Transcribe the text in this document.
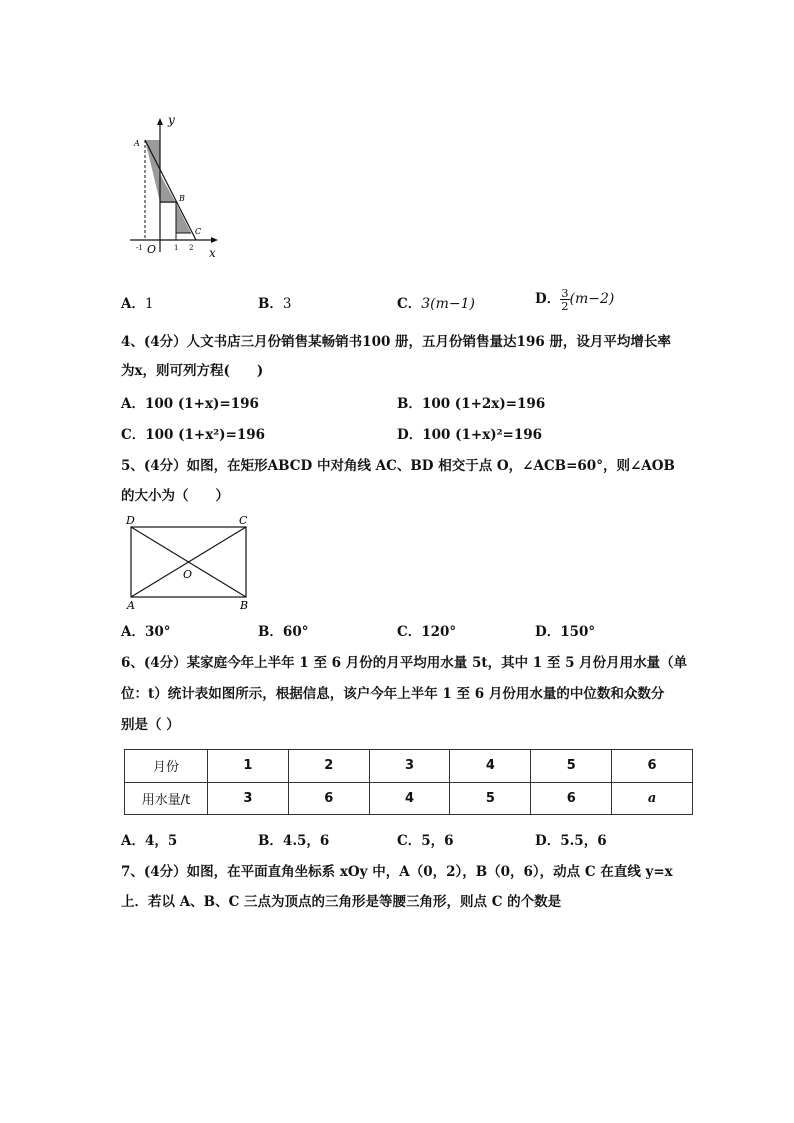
y
x
A
B
C
O
-1	1 2
A．1	B．3	C．3(m−1)	D． $\frac{3}{2} (m-2)$
4、(4分）人文书店三月份销售某畅销书100 册，五月份销售量达196 册，设月平均增长率
为x，则可列方程(　　)
A．100 (1+x)=196	B．100 (1+2x)=196
C．100 (1+x²)=196	D．100 (1+x)²=196
5、(4分）如图，在矩形ABCD 中对角线 AC、BD 相交于点 O，∠ACB=60°，则∠AOB
的大小为（　　）
D	C
A	B
O
A．30°	B．60°	C．120°	D．150°
6、(4分）某家庭今年上半年 1 至 6 月份的月平均用水量 5t，其中 1 至 5 月份月用水量（单
位：t）统计表如图所示，根据信息，该户今年上半年 1 至 6 月份用水量的中位数和众数分
别是（ ）
月份	1	2	3	4	5	6
用水量/t	3	6	4	5	6	a
A．4，5	B．4.5，6	C．5，6	D．5.5，6
7、(4分）如图，在平面直角坐标系 xOy 中，A（0，2），B（0，6），动点 C 在直线 y=x
上．若以 A、B、C 三点为顶点的三角形是等腰三角形，则点 C 的个数是
